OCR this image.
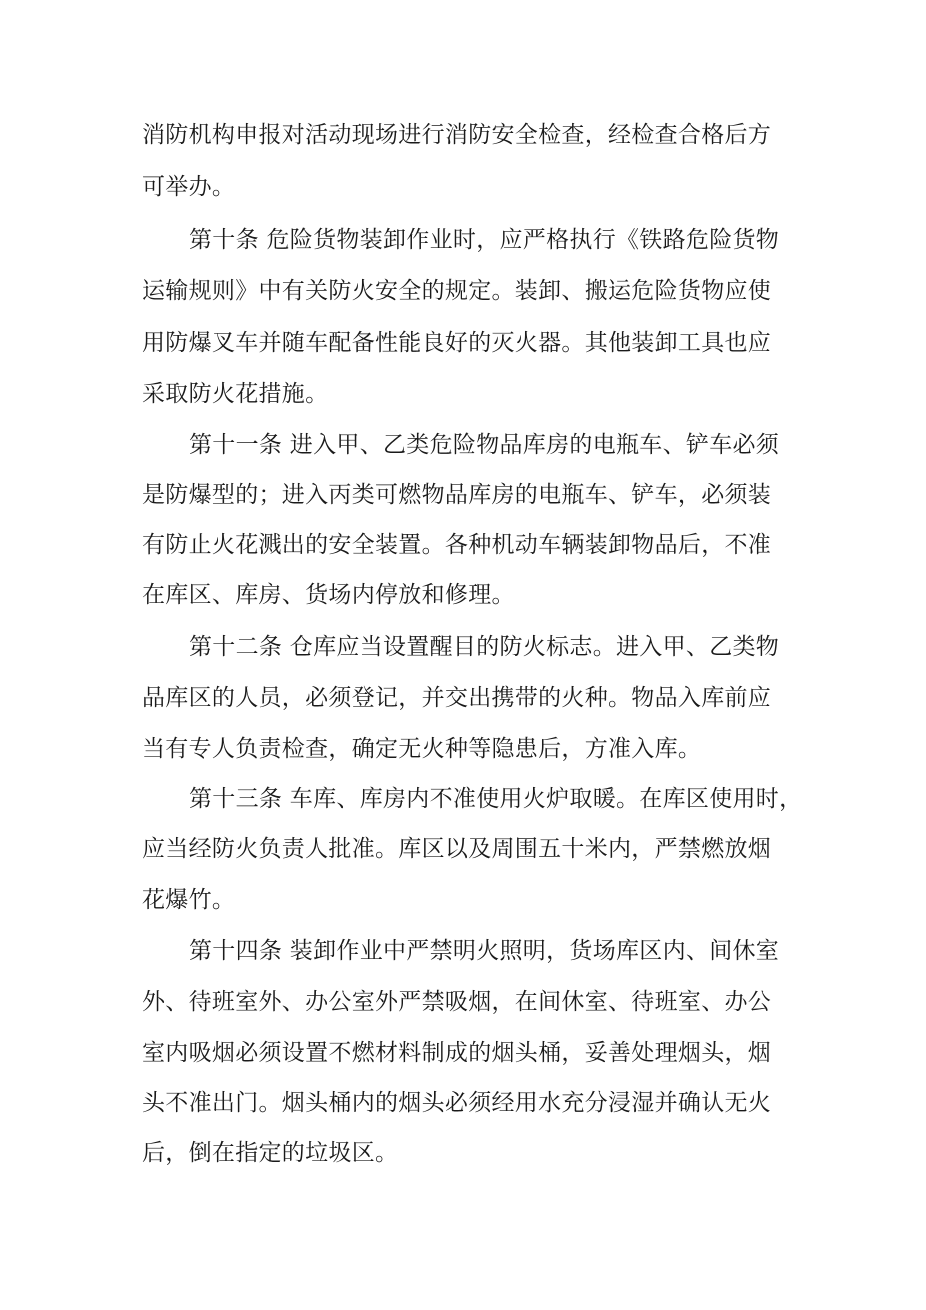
消防机构申报对活动现场进行消防安全检查，经检查合格后方
可举办。
第十条 危险货物装卸作业时，应严格执行《铁路危险货物
运输规则》中有关防火安全的规定。装卸、搬运危险货物应使
用防爆叉车并随车配备性能良好的灭火器。其他装卸工具也应
采取防火花措施。
第十一条 进入甲、乙类危险物品库房的电瓶车、铲车必须
是防爆型的；进入丙类可燃物品库房的电瓶车、铲车，必须装
有防止火花溅出的安全装置。各种机动车辆装卸物品后，不准
在库区、库房、货场内停放和修理。
第十二条 仓库应当设置醒目的防火标志。进入甲、乙类物
品库区的人员，必须登记，并交出携带的火种。物品入库前应
当有专人负责检查，确定无火种等隐患后，方准入库。
第十三条 车库、库房内不准使用火炉取暖。在库区使用时，
应当经防火负责人批准。库区以及周围五十米内，严禁燃放烟
花爆竹。
第十四条 装卸作业中严禁明火照明，货场库区内、间休室
外、待班室外、办公室外严禁吸烟，在间休室、待班室、办公
室内吸烟必须设置不燃材料制成的烟头桶，妥善处理烟头，烟
头不准出门。烟头桶内的烟头必须经用水充分浸湿并确认无火
后，倒在指定的垃圾区。
